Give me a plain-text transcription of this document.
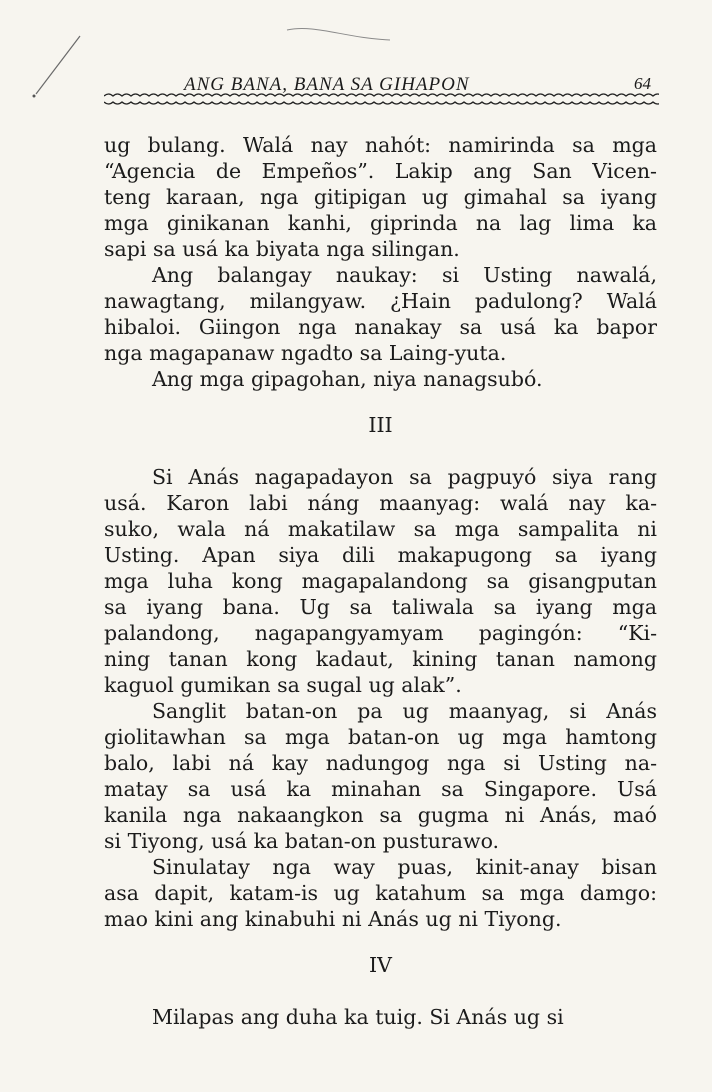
ANG BANA, BANA SA GIHAPON	64
ug bulang. Walá nay nahót: namirinda sa mga
“Agencia de Empeños”. Lakip ang San Vicen-
teng karaan, nga gitipigan ug gimahal sa iyang
mga ginikanan kanhi, giprinda na lag lima ka
sapi sa usá ka biyata nga silingan.
Ang balangay naukay: si Usting nawalá,
nawagtang, milangyaw. ¿Hain padulong? Walá
hibaloi. Giingon nga nanakay sa usá ka bapor
nga magapanaw ngadto sa Laing-yuta.
Ang mga gipagohan, niya nanagsubó.
III
Si Anás nagapadayon sa pagpuyó siya rang
usá. Karon labi náng maanyag: walá nay ka-
suko, wala ná makatilaw sa mga sampalita ni
Usting. Apan siya dili makapugong sa iyang
mga luha kong magapalandong sa gisangputan
sa iyang bana. Ug sa taliwala sa iyang mga
palandong, nagapangyamyam pagingón: “Ki-
ning tanan kong kadaut, kining tanan namong
kaguol gumikan sa sugal ug alak”.
Sanglit batan-on pa ug maanyag, si Anás
giolitawhan sa mga batan-on ug mga hamtong
balo, labi ná kay nadungog nga si Usting na-
matay sa usá ka minahan sa Singapore. Usá
kanila nga nakaangkon sa gugma ni Anás, maó
si Tiyong, usá ka batan-on pusturawo.
Sinulatay nga way puas, kinit-anay bisan
asa dapit, katam-is ug katahum sa mga damgo:
mao kini ang kinabuhi ni Anás ug ni Tiyong.
IV
Milapas ang duha ka tuig. Si Anás ug si
